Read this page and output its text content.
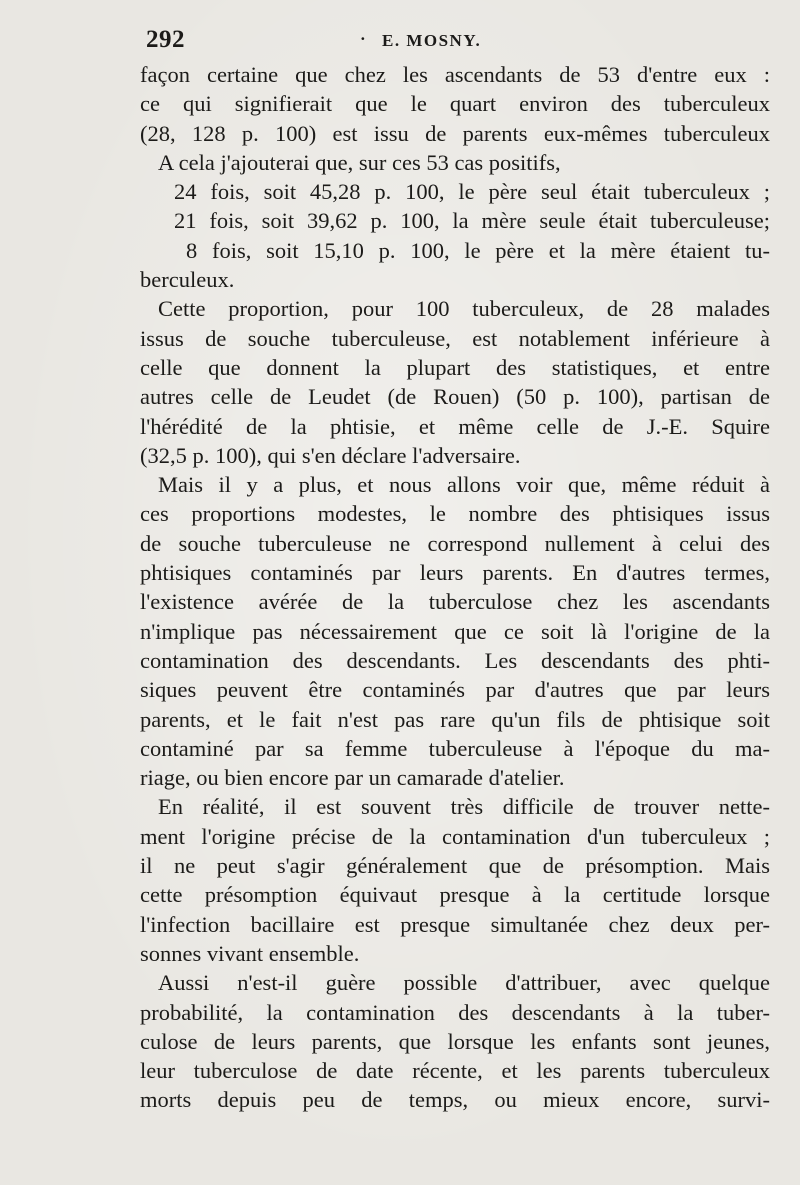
292
·	E. MOSNY.

façon certaine que chez les ascendants de 53 d'entre eux :
ce qui signifierait que le quart environ des tuberculeux
(28, 128 p. 100) est issu de parents eux-mêmes tuberculeux

A cela j'ajouterai que, sur ces 53 cas positifs,

24 fois, soit 45,28 p. 100, le père seul était tuberculeux ;

21 fois, soit 39,62 p. 100, la mère seule était tuberculeuse;

8 fois, soit 15,10 p. 100, le père et la mère étaient tu-
berculeux.

Cette proportion, pour 100 tuberculeux, de 28 malades
issus de souche tuberculeuse, est notablement inférieure à
celle que donnent la plupart des statistiques, et entre
autres celle de Leudet (de Rouen) (50 p. 100), partisan de
l'hérédité de la phtisie, et même celle de J.-E. Squire
(32,5 p. 100), qui s'en déclare l'adversaire.

Mais il y a plus, et nous allons voir que, même réduit à
ces proportions modestes, le nombre des phtisiques issus
de souche tuberculeuse ne correspond nullement à celui des
phtisiques contaminés par leurs parents. En d'autres termes,
l'existence avérée de la tuberculose chez les ascendants
n'implique pas nécessairement que ce soit là l'origine de la
contamination des descendants. Les descendants des phti-
siques peuvent être contaminés par d'autres que par leurs
parents, et le fait n'est pas rare qu'un fils de phtisique soit
contaminé par sa femme tuberculeuse à l'époque du ma-
riage, ou bien encore par un camarade d'atelier.

En réalité, il est souvent très difficile de trouver nette-
ment l'origine précise de la contamination d'un tuberculeux ;
il ne peut s'agir généralement que de présomption. Mais
cette présomption équivaut presque à la certitude lorsque
l'infection bacillaire est presque simultanée chez deux per-
sonnes vivant ensemble.

Aussi n'est-il guère possible d'attribuer, avec quelque
probabilité, la contamination des descendants à la tuber-
culose de leurs parents, que lorsque les enfants sont jeunes,
leur tuberculose de date récente, et les parents tuberculeux
morts depuis peu de temps, ou mieux encore, survi-
